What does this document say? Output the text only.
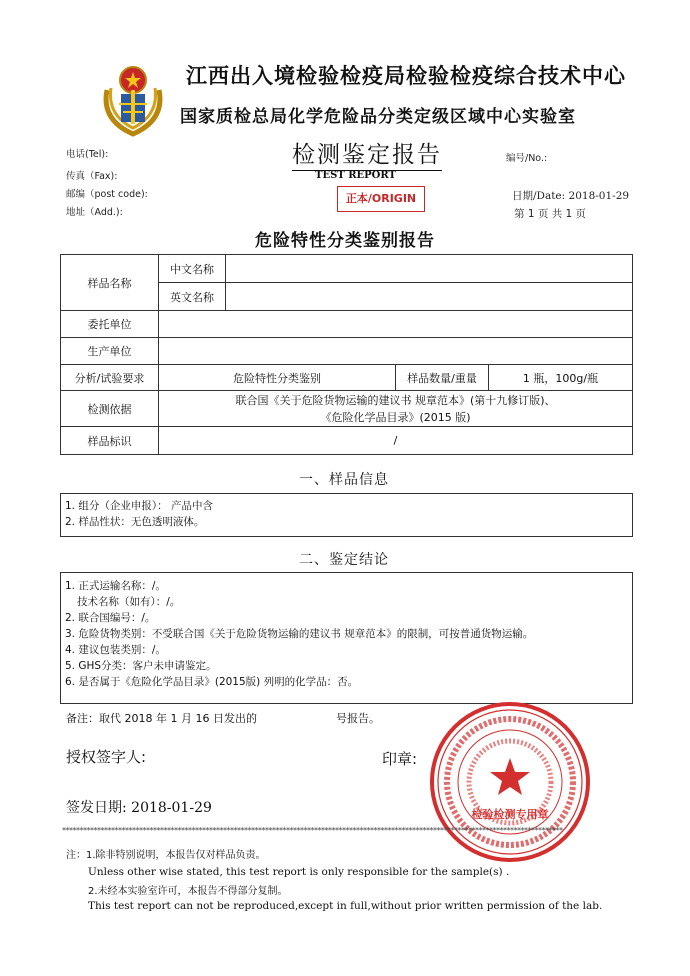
江西出入境检验检疫局检验检疫综合技术中心
国家质检总局化学危险品分类定级区域中心实验室
电话(Tel):
传真（Fax):
邮编（post code):
地址（Add.):
检测鉴定报告
TEST REPORT
正本/ORIGIN
编号/No.:
日期/Date: 2018-01-29
第 1 页 共 1 页
危险特性分类鉴别报告
样品名称	中文名称			
	英文名称			
委托单位				
生产单位				
分析/试验要求	危险特性分类鉴别		样品数量/重量	1 瓶，100g/瓶
检测依据	联合国《关于危险货物运输的建议书 规章范本》(第十九修订版)、
《危险化学品目录》(2015 版)			

样品标识	/			
一、样品信息
1. 组分（企业申报）： 产品中含
2. 样品性状：无色透明液体。
二、鉴定结论
1. 正式运输名称：/。
技术名称（如有）：/。
2. 联合国编号：/。
3. 危险货物类别：不受联合国《关于危险货物运输的建议书 规章范本》的限制，可按普通货物运输。
4. 建议包装类别：/。
5. GHS分类：客户未申请鉴定。
6. 是否属于《危险化学品目录》(2015版) 列明的化学品：否。
备注：取代 2018 年 1 月 16 日发出的	号报告。
授权签字人:	印章:
签发日期: 2018-01-29	检验检测专用章
***********************************************************************************************************************************************
注：1.除非特别说明，本报告仅对样品负责。
Unless other wise stated, this test report is only responsible for the sample(s) .
2.未经本实验室许可，本报告不得部分复制。
This test report can not be reproduced,except in full,without prior written permission of the lab.
